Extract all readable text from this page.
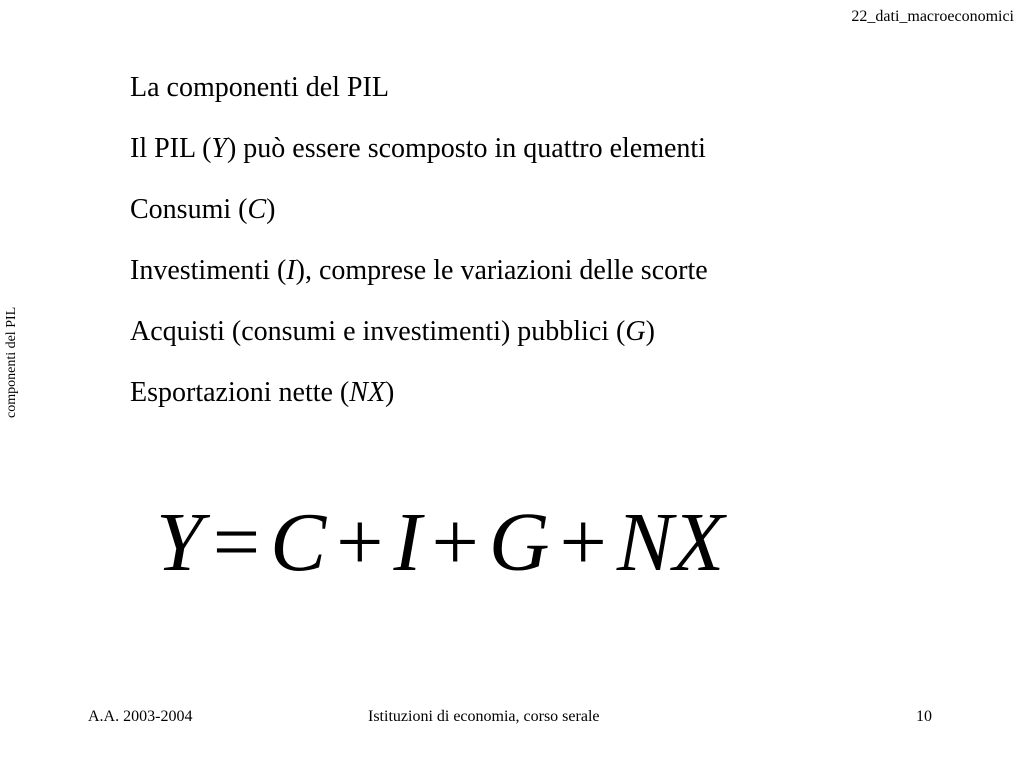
22_dati_macroeconomici
componenti del PIL
La componenti del PIL
Il PIL (Y) può essere scomposto in quattro elementi
Consumi (C)
Investimenti (I), comprese le variazioni delle scorte
Acquisti (consumi e investimenti) pubblici (G)
Esportazioni nette (NX)
Y = C + I + G + NX
A.A. 2003-2004	Istituzioni di economia, corso serale	10
